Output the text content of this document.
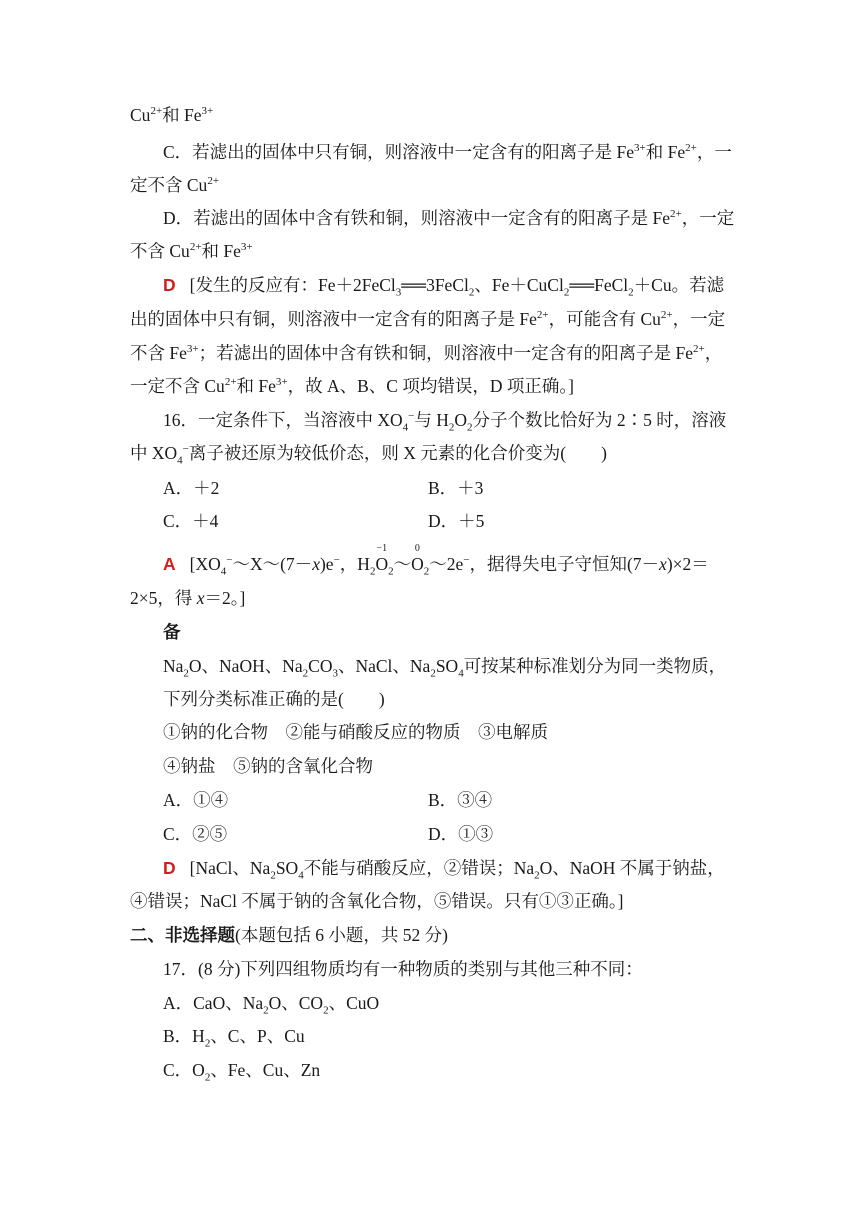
$Cu^{2+}$和 $Fe^{3+}$
C．若滤出的固体中只有铜，则溶液中一定含有的阳离子是 $Fe^{3+}$和 $Fe^{2+}$，一
定不含 $Cu^{2+}$
D．若滤出的固体中含有铁和铜，则溶液中一定含有的阳离子是 $Fe^{2+}$，一定
不含 $Cu^{2+}$和 $Fe^{3+}$
D [发生的反应有：Fe＋2FeCl$_3$══3FeCl$_2$、Fe＋CuCl$_2$══FeCl$_2$＋Cu。若滤
出的固体中只有铜，则溶液中一定含有的阳离子是 $Fe^{2+}$，可能含有 $Cu^{2+}$，一定
不含 $Fe^{3+}$；若滤出的固体中含有铁和铜，则溶液中一定含有的阳离子是 $Fe^{2+}$，
一定不含 $Cu^{2+}$和 $Fe^{3+}$，故 A、B、C 项均错误，D 项正确。]
16．一定条件下，当溶液中 $XO_4^-$与 $H_2O_2$分子个数比恰好为 2∶5 时，溶液
中 $XO_4^-$离子被还原为较低价态，则 X 元素的化合价变为(　　)
A．＋2	B．＋3
C．＋4	D．＋5
A [$XO_4^-\sim X\sim(7-x)e^-$，$H_2$
−1
$O_2\sim$
0
$O_2\sim 2e^-$，据得失电子守恒知(7－x)×2＝
2×5，得 x＝2。]
备
$Na_2O$、NaOH、$Na_2CO_3$、NaCl、$Na_2SO_4$可按某种标准划分为同一类物质，
下列分类标准正确的是(　　)
①钠的化合物　②能与硝酸反应的物质　③电解质
④钠盐　⑤钠的含氧化合物
A．①④	B．③④
C．②⑤	D．①③
D [NaCl、$Na_2SO_4$不能与硝酸反应，②错误；$Na_2O$、NaOH 不属于钠盐，
④错误；NaCl 不属于钠的含氧化合物，⑤错误。只有①③正确。]
二、非选择题(本题包括 6 小题，共 52 分)
17．(8 分)下列四组物质均有一种物质的类别与其他三种不同：
A．CaO、$Na_2O$、$CO_2$、CuO
B．$H_2$、C、P、Cu
C．$O_2$、Fe、Cu、Zn
